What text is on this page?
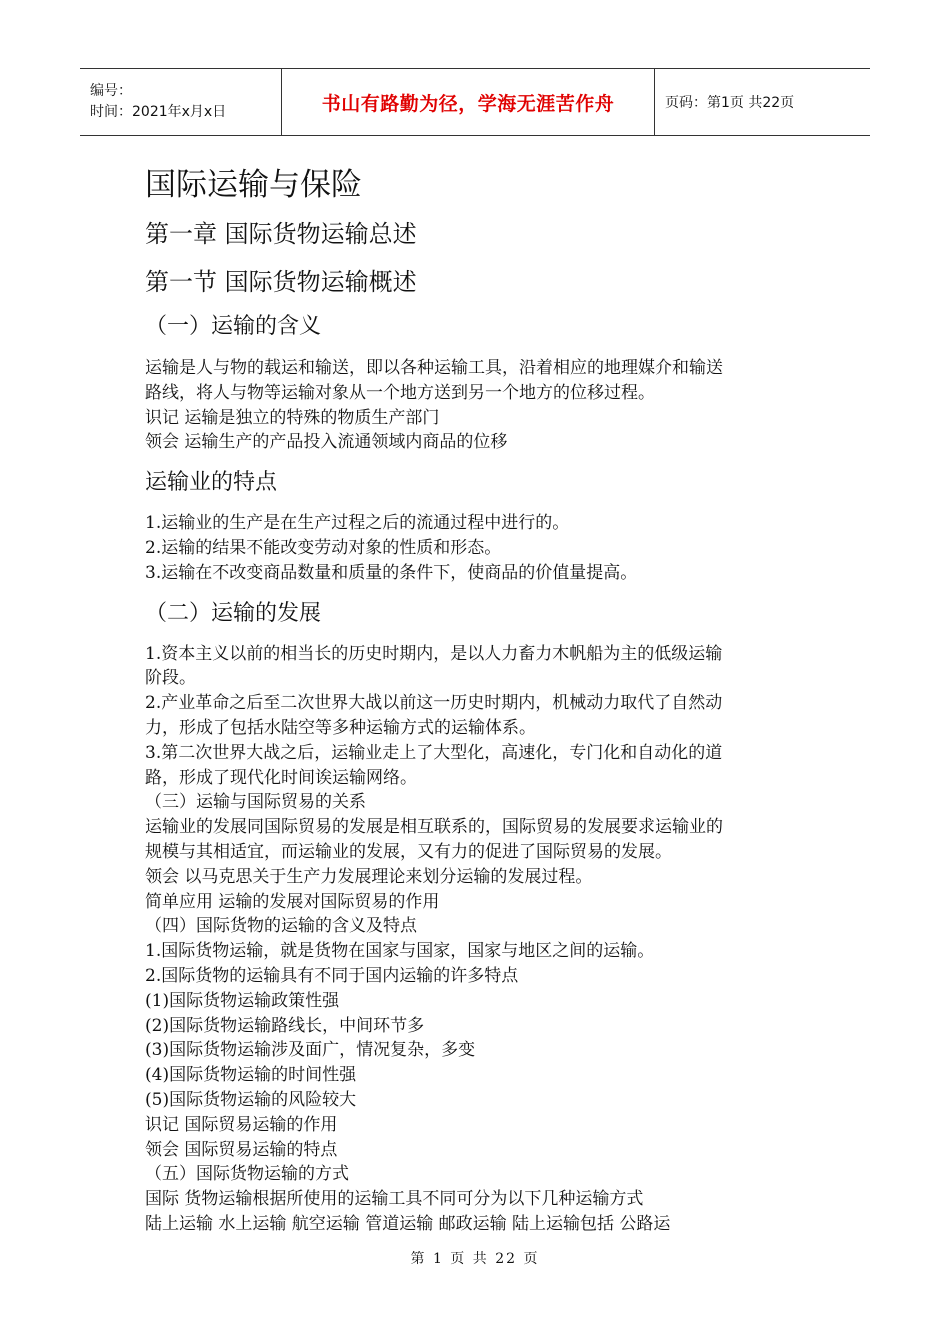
编号：
时间：2021年x月x日	书山有路勤为径，学海无涯苦作舟	页码：第1页 共22页
国际运输与保险
第一章 国际货物运输总述
第一节 国际货物运输概述
（一）运输的含义

运输是人与物的载运和输送，即以各种运输工具，沿着相应的地理媒介和输送

路线，将人与物等运输对象从一个地方送到另一个地方的位移过程。

识记 运输是独立的特殊的物质生产部门

领会 运输生产的产品投入流通领域内商品的位移

运输业的特点

1.运输业的生产是在生产过程之后的流通过程中进行的。

2.运输的结果不能改变劳动对象的性质和形态。

3.运输在不改变商品数量和质量的条件下，使商品的价值量提高。

（二）运输的发展

1.资本主义以前的相当长的历史时期内，是以人力畜力木帆船为主的低级运输

阶段。

2.产业革命之后至二次世界大战以前这一历史时期内，机械动力取代了自然动

力，形成了包括水陆空等多种运输方式的运输体系。

3.第二次世界大战之后，运输业走上了大型化，高速化，专门化和自动化的道

路，形成了现代化时间诶运输网络。

（三）运输与国际贸易的关系

运输业的发展同国际贸易的发展是相互联系的，国际贸易的发展要求运输业的

规模与其相适宜，而运输业的发展，又有力的促进了国际贸易的发展。

领会 以马克思关于生产力发展理论来划分运输的发展过程。

简单应用 运输的发展对国际贸易的作用

（四）国际货物的运输的含义及特点

1.国际货物运输，就是货物在国家与国家，国家与地区之间的运输。

2.国际货物的运输具有不同于国内运输的许多特点

(1)国际货物运输政策性强

(2)国际货物运输路线长，中间环节多

(3)国际货物运输涉及面广，情况复杂，多变

(4)国际货物运输的时间性强

(5)国际货物运输的风险较大

识记 国际贸易运输的作用

领会 国际贸易运输的特点

（五）国际货物运输的方式

国际 货物运输根据所使用的运输工具不同可分为以下几种运输方式

陆上运输 水上运输 航空运输 管道运输 邮政运输 陆上运输包括 公路运

第 1 页 共 22 页
